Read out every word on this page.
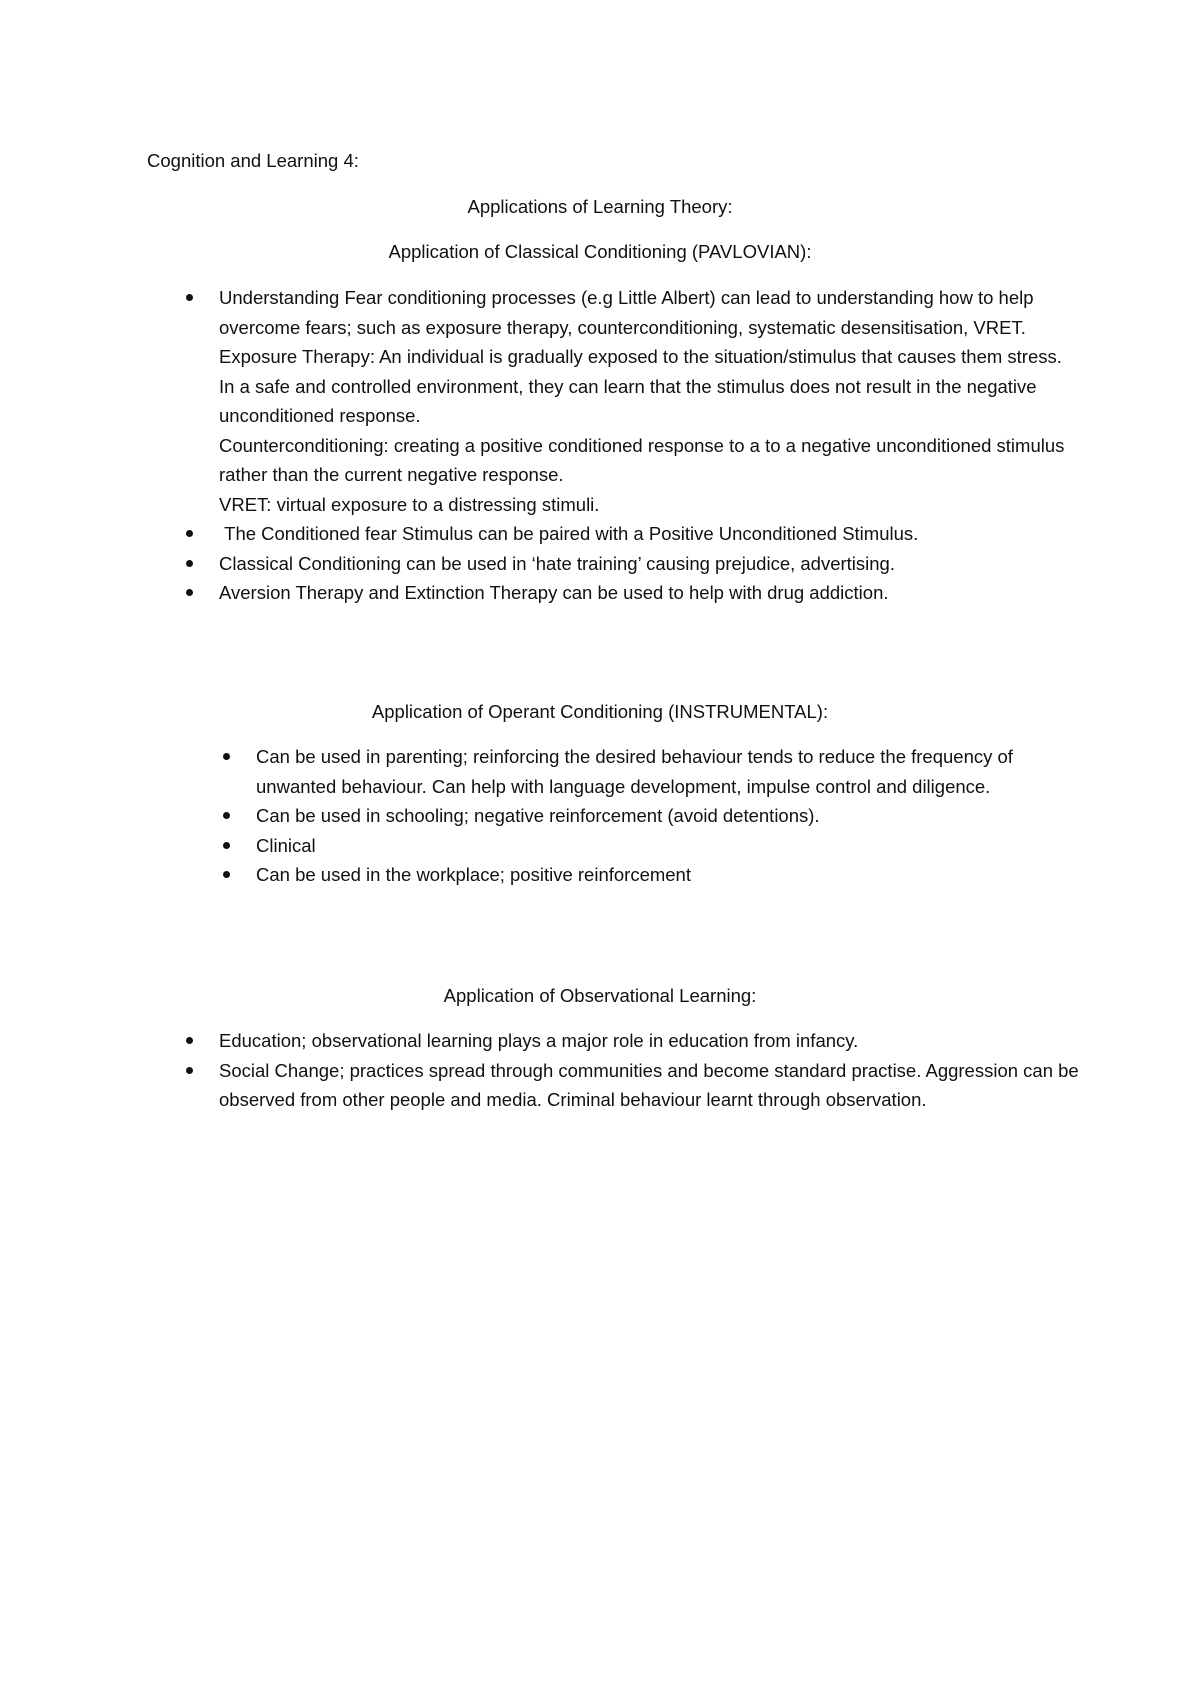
Cognition and Learning 4:
Applications of Learning Theory:
Application of Classical Conditioning (PAVLOVIAN):

Understanding Fear conditioning processes (e.g Little Albert) can lead to understanding how to help overcome fears; such as exposure therapy, counterconditioning, systematic desensitisation, VRET.

Exposure Therapy: An individual is gradually exposed to the situation/stimulus that causes them stress. In a safe and controlled environment, they can learn that the stimulus does not result in the negative unconditioned response.

Counterconditioning: creating a positive conditioned response to a to a negative unconditioned stimulus rather than the current negative response.

VRET: virtual exposure to a distressing stimuli.

The Conditioned fear Stimulus can be paired with a Positive Unconditioned Stimulus.

Classical Conditioning can be used in ‘hate training’ causing prejudice, advertising.

Aversion Therapy and Extinction Therapy can be used to help with drug addiction.

Application of Operant Conditioning (INSTRUMENTAL):

Can be used in parenting; reinforcing the desired behaviour tends to reduce the frequency of unwanted behaviour. Can help with language development, impulse control and diligence.

Can be used in schooling; negative reinforcement (avoid detentions).

Clinical

Can be used in the workplace; positive reinforcement

Application of Observational Learning:

Education; observational learning plays a major role in education from infancy.

Social Change; practices spread through communities and become standard practise. Aggression can be observed from other people and media. Criminal behaviour learnt through observation.
